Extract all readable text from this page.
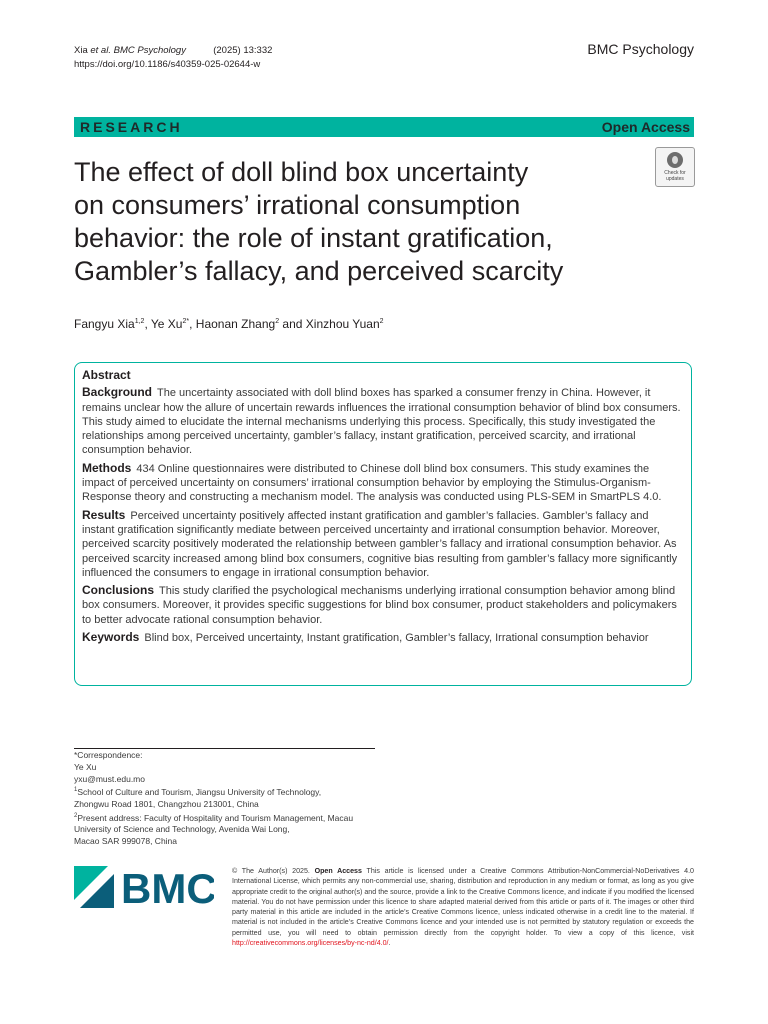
Xia et al. BMC Psychology	(2025) 13:332
https://doi.org/10.1186/s40359-025-02644-w
BMC Psychology
RESEARCH	Open Access
The effect of doll blind box uncertainty
on consumers’ irrational consumption
behavior: the role of instant gratification,
Gambler’s fallacy, and perceived scarcity
Check for
updates
Fangyu Xia$^{1,2}$, Ye $Xu^{2*}$, Haonan Zhang$^2$ and Xinzhou Yuan$^2$
Abstract

Background The uncertainty associated with doll blind boxes has sparked a consumer frenzy in China. However, it remains unclear how the allure of uncertain rewards influences the irrational consumption behavior of blind box consumers. This study aimed to elucidate the internal mechanisms underlying this process. Specifically, this study investigated the relationships among perceived uncertainty, gambler’s fallacy, instant gratification, perceived scarcity, and irrational consumption behavior.

Methods 434 Online questionnaires were distributed to Chinese doll blind box consumers. This study examines the impact of perceived uncertainty on consumers’ irrational consumption behavior by employing the Stimulus-Organism-Response theory and constructing a mechanism model. The analysis was conducted using PLS-SEM in SmartPLS 4.0.

Results Perceived uncertainty positively affected instant gratification and gambler’s fallacies. Gambler’s fallacy and instant gratification significantly mediate between perceived uncertainty and irrational consumption behavior. Moreover, perceived scarcity positively moderated the relationship between gambler’s fallacy and irrational consumption behavior. As perceived scarcity increased among blind box consumers, cognitive bias resulting from gambler’s fallacy more significantly influenced the consumers to engage in irrational consumption behavior.

Conclusions This study clarified the psychological mechanisms underlying irrational consumption behavior among blind box consumers. Moreover, it provides specific suggestions for blind box consumer, product stakeholders and policymakers to better advocate rational consumption behavior.

Keywords Blind box, Perceived uncertainty, Instant gratification, Gambler’s fallacy, Irrational consumption behavior

*Correspondence:
Ye Xu
yxu@must.edu.mo
$^1$School of Culture and Tourism, Jiangsu University of Technology,
Zhongwu Road 1801, Changzhou 213001, China
$^2$Present address: Faculty of Hospitality and Tourism Management, Macau
University of Science and Technology, Avenida Wai Long,
Macao SAR 999078, China
BMC © The Author(s) 2025. Open Access This article is licensed under a Creative Commons Attribution-NonCommercial-NoDerivatives 4.0 International License, which permits any non-commercial use, sharing, distribution and reproduction in any medium or format, as long as you give appropriate credit to the original author(s) and the source, provide a link to the Creative Commons licence, and indicate if you modified the licensed material. You do not have permission under this licence to share adapted material derived from this article or parts of it. The images or other third party material in this article are included in the article’s Creative Commons licence, unless indicated otherwise in a credit line to the material. If material is not included in the article’s Creative Commons licence and your intended use is not permitted by statutory regulation or exceeds the permitted use, you will need to obtain permission directly from the copyright holder. To view a copy of this licence, visit http://creativecommons.org/licenses/by-nc-nd/4.0/.
